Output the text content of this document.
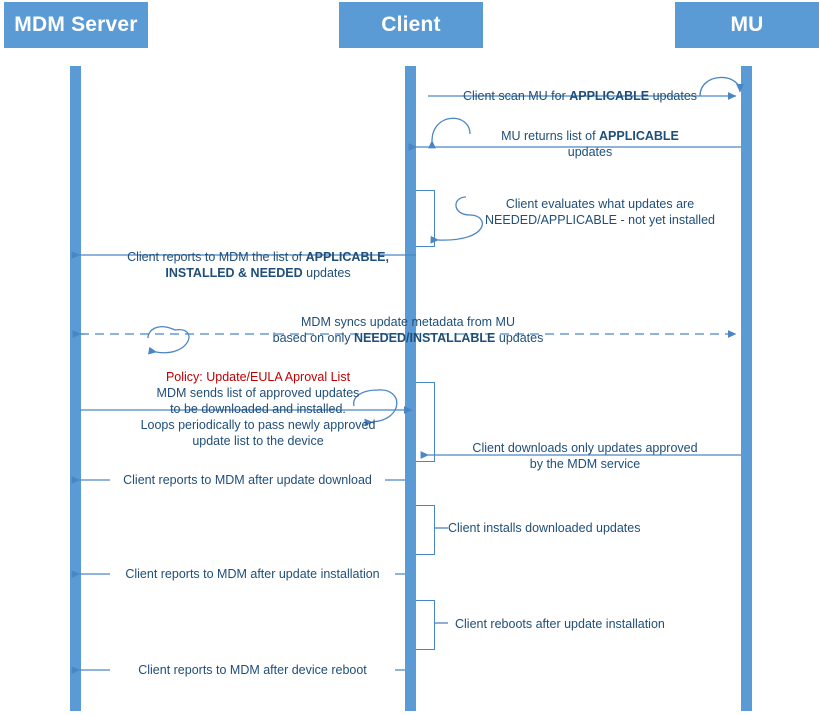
MDM Server	Client	MU
Client scan MU for APPLICABLE updates
MU returns list of APPLICABLE
updates
Client evaluates what updates are
NEEDED/APPLICABLE - not yet installed
Client reports to MDM the list of APPLICABLE,
INSTALLED & NEEDED updates
MDM syncs update metadata from MU
based on only NEEDED/INSTALLABLE updates
Policy: Update/EULA Aproval List
MDM sends list of approved updates
to be downloaded and installed.
Loops periodically to pass newly approved
update list to the device	Client downloads only updates approved
by the MDM service
Client reports to MDM after update download
Client installs downloaded updates
Client reports to MDM after update installation
Client reboots after update installation
Client reports to MDM after device reboot
